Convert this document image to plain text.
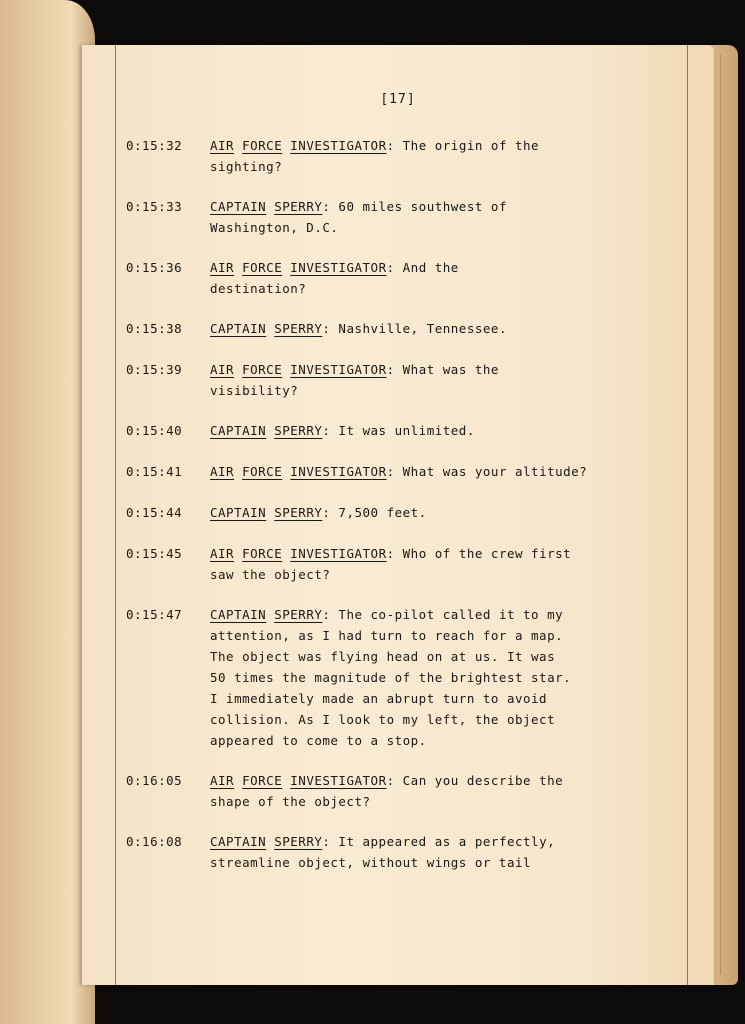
[17]
0:15:32	AIR FORCE INVESTIGATOR: The origin of the
sighting?
0:15:33	CAPTAIN SPERRY: 60 miles southwest of
Washington, D.C.
0:15:36	AIR FORCE INVESTIGATOR: And the
destination?
0:15:38	CAPTAIN SPERRY: Nashville, Tennessee.
0:15:39	AIR FORCE INVESTIGATOR: What was the
visibility?
0:15:40	CAPTAIN SPERRY: It was unlimited.
0:15:41	AIR FORCE INVESTIGATOR: What was your altitude?
0:15:44	CAPTAIN SPERRY: 7,500 feet.
0:15:45	AIR FORCE INVESTIGATOR: Who of the crew first
saw the object?
0:15:47	CAPTAIN SPERRY: The co-pilot called it to my
attention, as I had turn to reach for a map.
The object was flying head on at us. It was
50 times the magnitude of the brightest star.
I immediately made an abrupt turn to avoid
collision. As I look to my left, the object
appeared to come to a stop.
0:16:05	AIR FORCE INVESTIGATOR: Can you describe the
shape of the object?
0:16:08	CAPTAIN SPERRY: It appeared as a perfectly,
streamline object, without wings or tail
